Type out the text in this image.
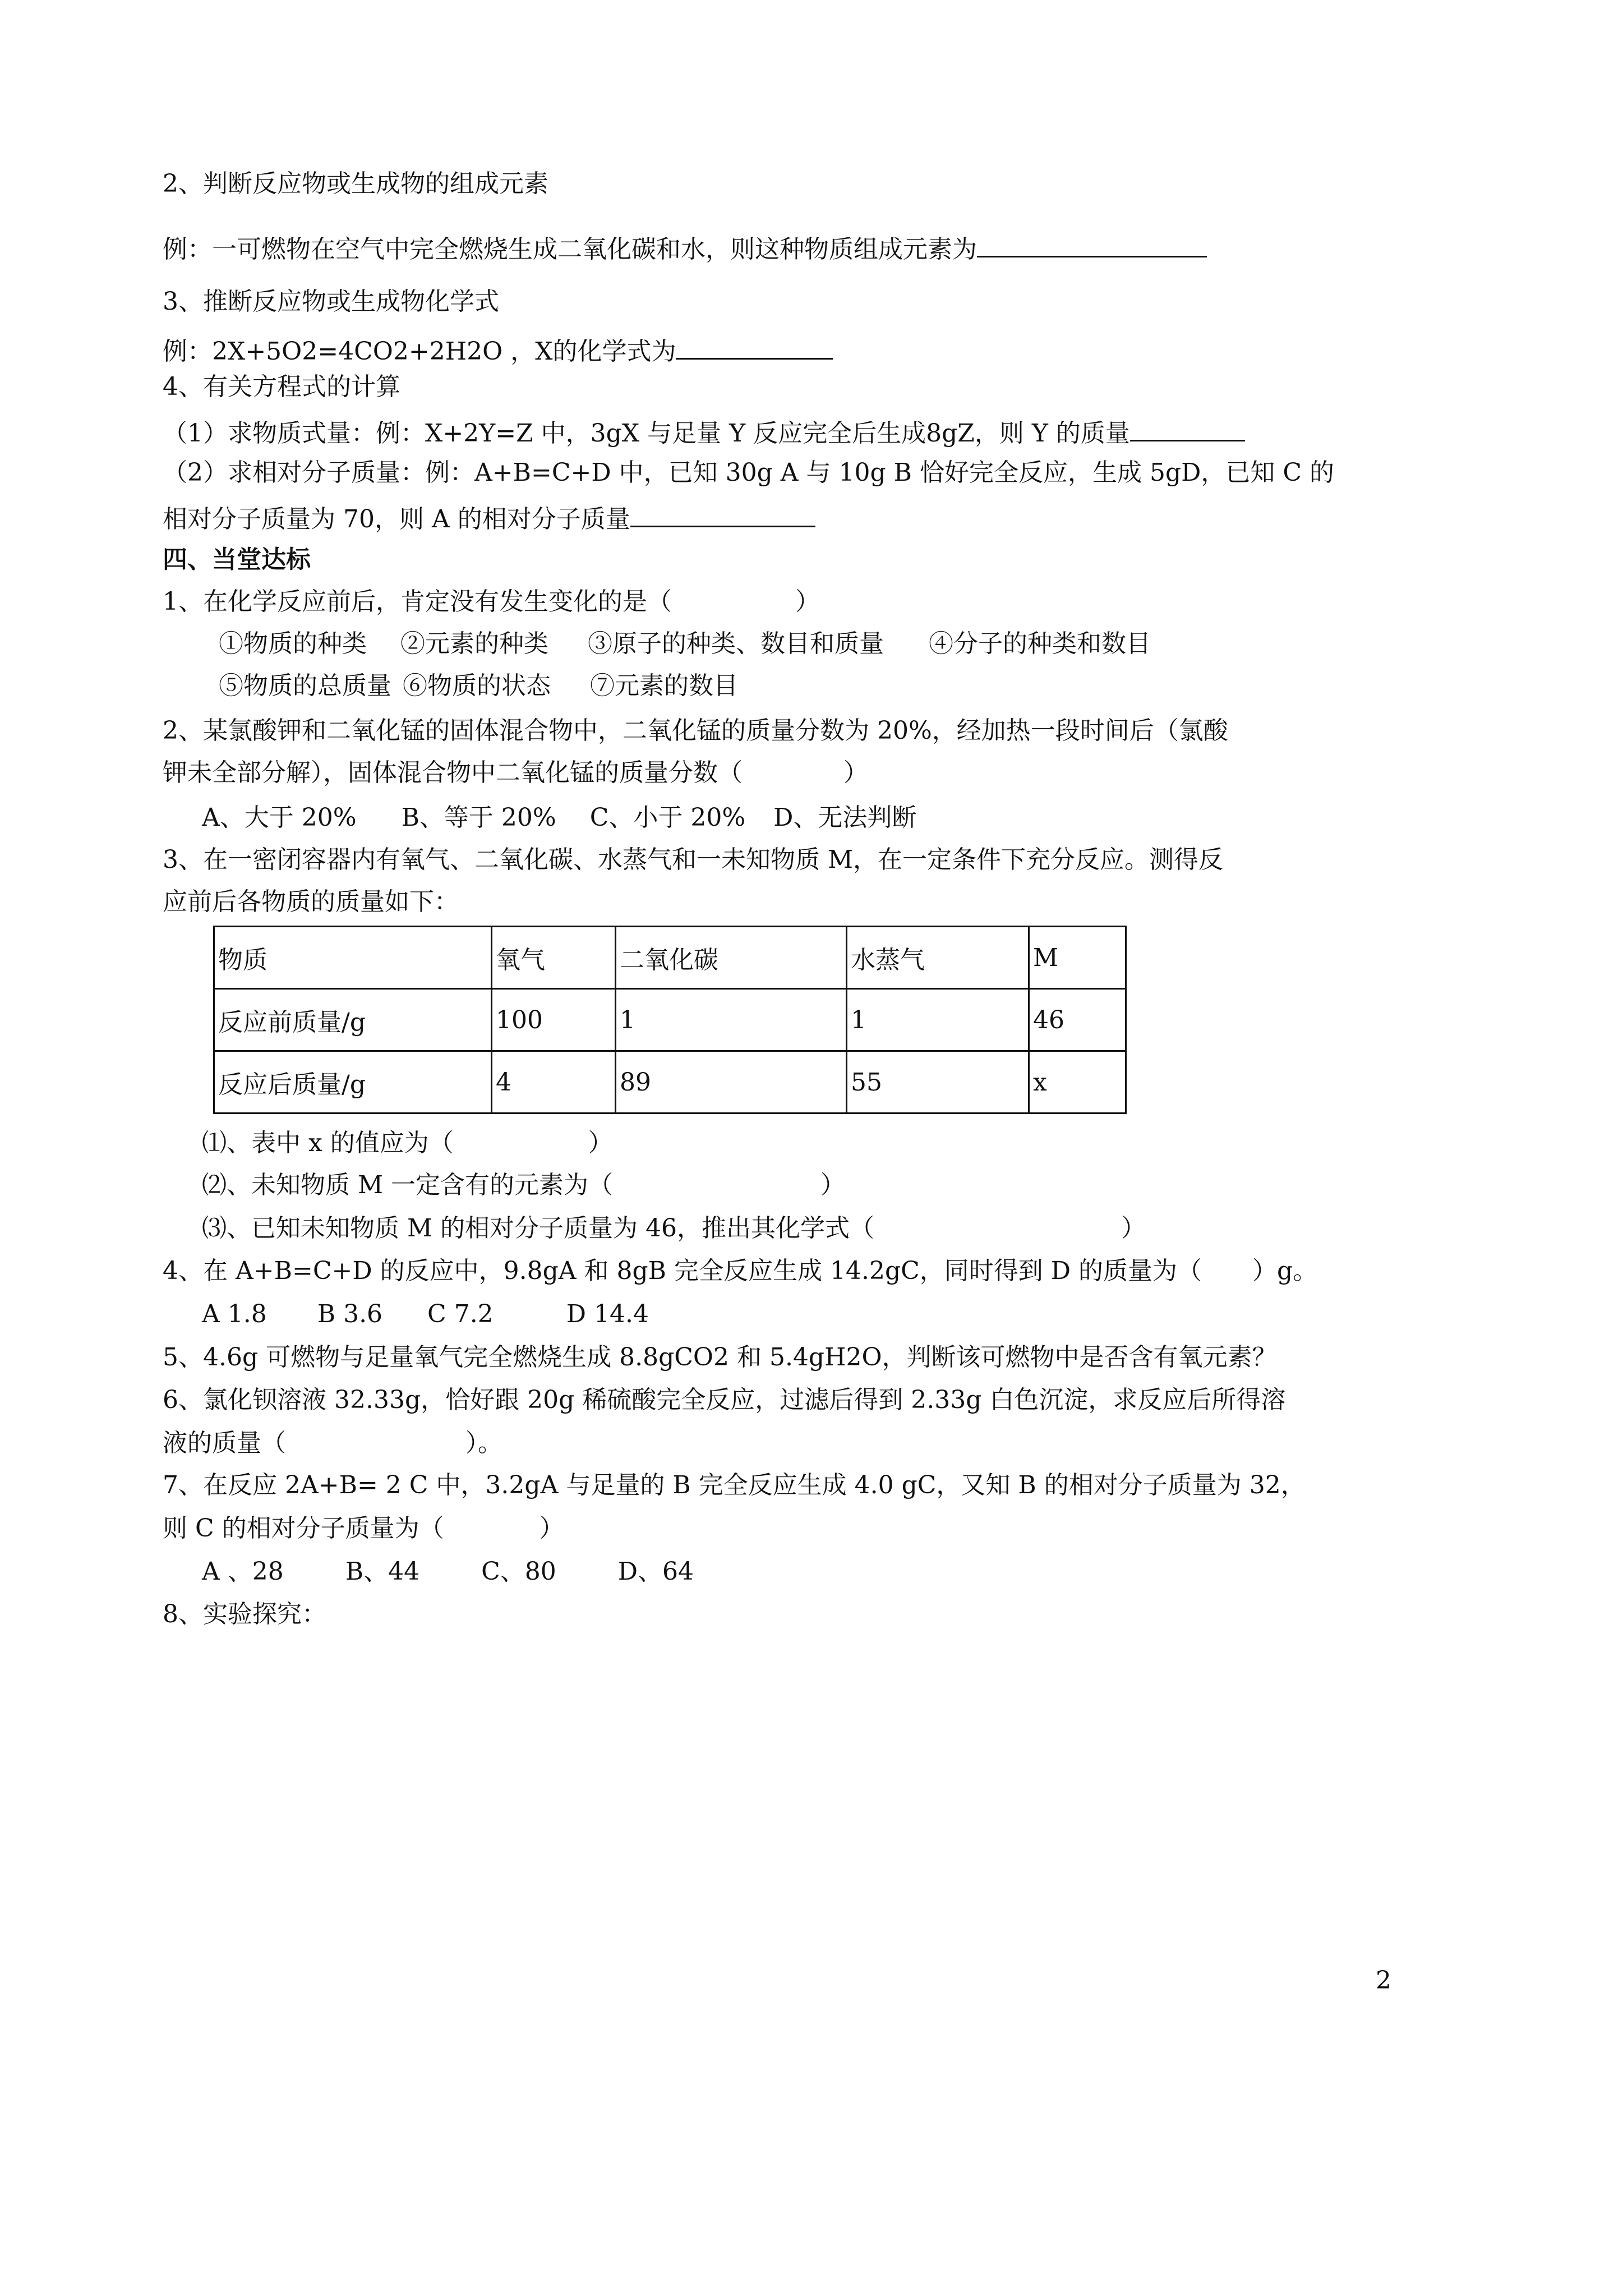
2、判断反应物或生成物的组成元素
例：一可燃物在空气中完全燃烧生成二氧化碳和水，则这种物质组成元素为
3、推断反应物或生成物化学式
例：2X+5O2=4CO2+2H2O ，X的化学式为
4、有关方程式的计算
（1）求物质式量：例：X+2Y=Z 中，3gX 与足量 Y 反应完全后生成8gZ，则 Y 的质量
（2）求相对分子质量：例：A+B=C+D 中，已知 30g A 与 10g B 恰好完全反应，生成 5gD，已知 C 的
相对分子质量为 70，则 A 的相对分子质量
四、当堂达标
1、在化学反应前后，肯定没有发生变化的是（	）
①物质的种类 ②元素的种类 ③原子的种类、数目和质量 ④分子的种类和数目
⑤物质的总质量 ⑥物质的状态 ⑦元素的数目
2、某氯酸钾和二氧化锰的固体混合物中，二氧化锰的质量分数为 20%，经加热一段时间后（氯酸
钾未全部分解），固体混合物中二氧化锰的质量分数（	）
A、大于 20% B、等于 20% C、小于 20% D、无法判断
3、在一密闭容器内有氧气、二氧化碳、水蒸气和一未知物质 M，在一定条件下充分反应。测得反
应前后各物质的质量如下：
物质	氧气	二氧化碳	水蒸气	M
反应前质量/g	100	1	1	46
反应后质量/g	4	89	55	x
⑴、表中 x 的值应为（	）
⑵、未知物质 M 一定含有的元素为（	）
⑶、已知未知物质 M 的相对分子质量为 46，推出其化学式（	）
4、在 A+B=C+D 的反应中，9.8gA 和 8gB 完全反应生成 14.2gC，同时得到 D 的质量为（ ）g。
A 1.8 B 3.6 C 7.2	D 14.4
5、4.6g 可燃物与足量氧气完全燃烧生成 8.8gCO2 和 5.4gH2O，判断该可燃物中是否含有氧元素？
6、氯化钡溶液 32.33g，恰好跟 20g 稀硫酸完全反应，过滤后得到 2.33g 白色沉淀，求反应后所得溶
液的质量（	）。
7、在反应 2A+B= 2 C 中，3.2gA 与足量的 B 完全反应生成 4.0 gC，又知 B 的相对分子质量为 32，
则 C 的相对分子质量为（	）
A 、28	B、44	C、80	D、64
8、实验探究：
2
